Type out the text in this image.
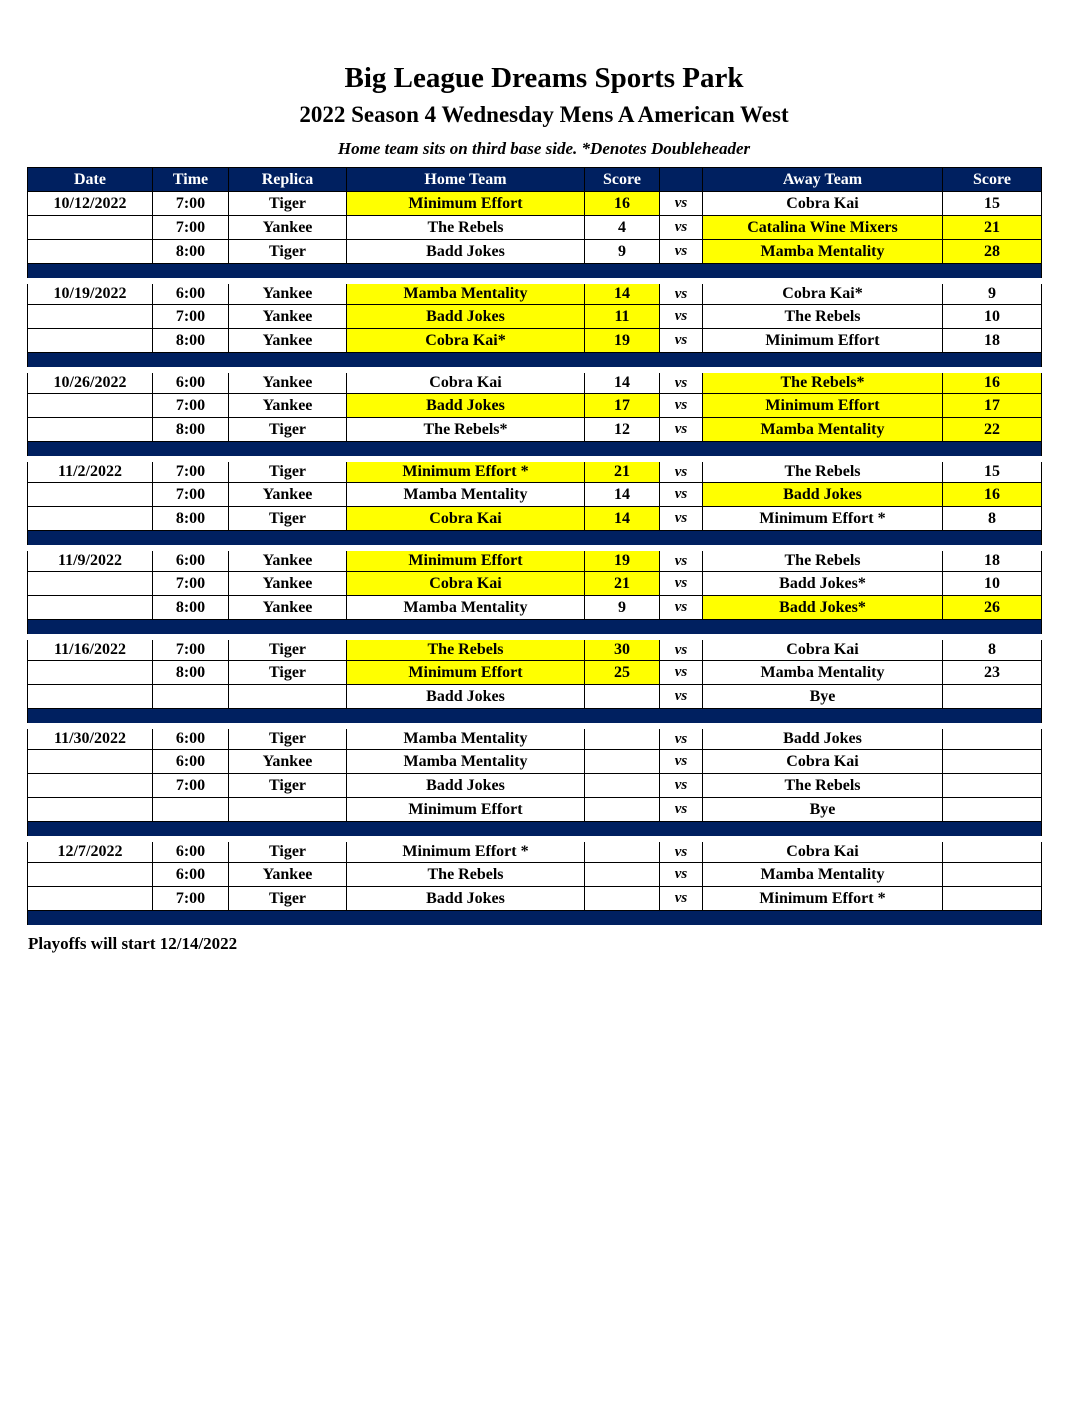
Big League Dreams Sports Park
2022 Season 4 Wednesday Mens A American West

Home team sits on third base side. *Denotes Doubleheader

Date	Time	Replica	Home Team	Score		Away Team	Score
10/12/2022	7:00	Tiger	Minimum Effort	16	vs	Cobra Kai	15
	7:00	Yankee	The Rebels	4	vs	Catalina Wine Mixers	21
	8:00	Tiger	Badd Jokes	9	vs	Mamba Mentality	28

10/19/2022	6:00	Yankee	Mamba Mentality	14	vs	Cobra Kai*	9
	7:00	Yankee	Badd Jokes	11	vs	The Rebels	10
	8:00	Yankee	Cobra Kai*	19	vs	Minimum Effort	18

10/26/2022	6:00	Yankee	Cobra Kai	14	vs	The Rebels*	16
	7:00	Yankee	Badd Jokes	17	vs	Minimum Effort	17
	8:00	Tiger	The Rebels*	12	vs	Mamba Mentality	22

11/2/2022	7:00	Tiger	Minimum Effort *	21	vs	The Rebels	15
	7:00	Yankee	Mamba Mentality	14	vs	Badd Jokes	16
	8:00	Tiger	Cobra Kai	14	vs	Minimum Effort *	8

11/9/2022	6:00	Yankee	Minimum Effort	19	vs	The Rebels	18
	7:00	Yankee	Cobra Kai	21	vs	Badd Jokes*	10
	8:00	Yankee	Mamba Mentality	9	vs	Badd Jokes*	26

11/16/2022	7:00	Tiger	The Rebels	30	vs	Cobra Kai	8
	8:00	Tiger	Minimum Effort	25	vs	Mamba Mentality	23
			Badd Jokes		vs	Bye	

11/30/2022	6:00	Tiger	Mamba Mentality		vs	Badd Jokes	
	6:00	Yankee	Mamba Mentality		vs	Cobra Kai	
	7:00	Tiger	Badd Jokes		vs	The Rebels	
			Minimum Effort		vs	Bye	

12/7/2022	6:00	Tiger	Minimum Effort *		vs	Cobra Kai	
	6:00	Yankee	The Rebels		vs	Mamba Mentality	
	7:00	Tiger	Badd Jokes		vs	Minimum Effort *	

Playoffs will start 12/14/2022
